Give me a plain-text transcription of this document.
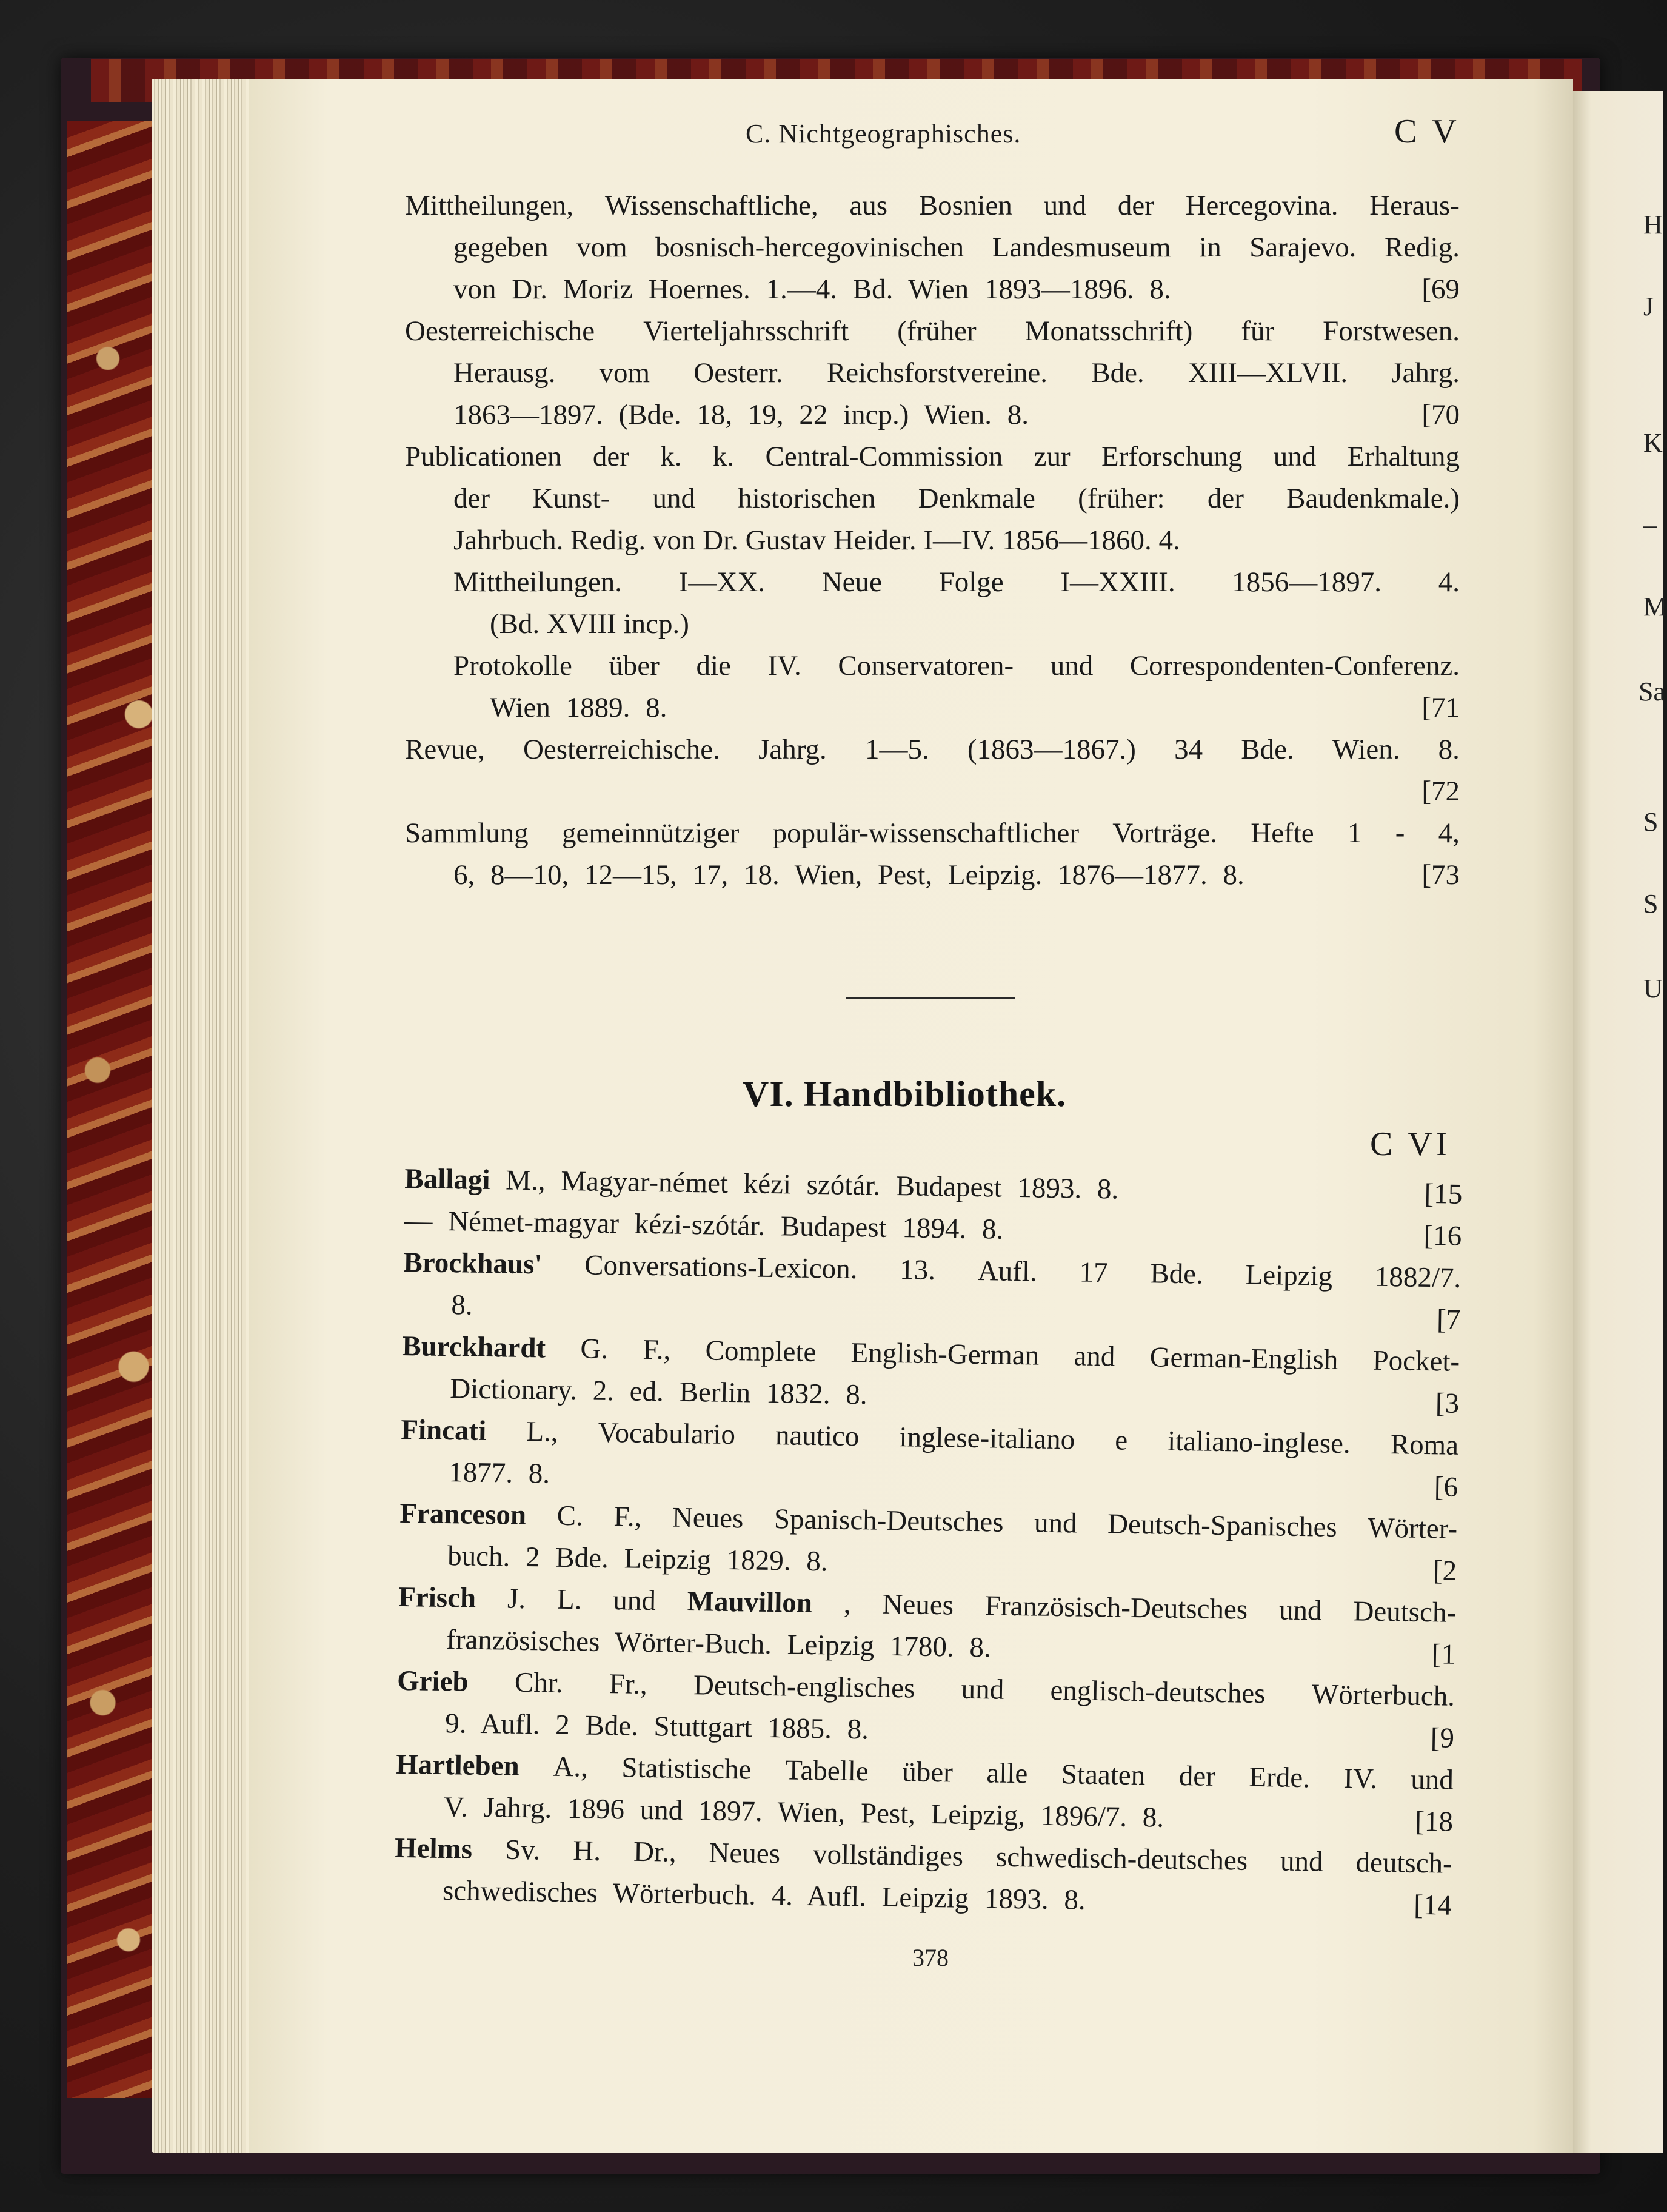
H
J
K
–
M
Sa
S
S
U
C. Nichtgeographisches.	C V
Mittheilungen, Wissenschaftliche, aus Bosnien und der Hercegovina. Heraus-
gegeben vom bosnisch-hercegovinischen Landesmuseum in Sarajevo. Redig.
von Dr. Moriz Hoernes. 1.—4. Bd. Wien 1893—1896. 8.	[69
Oesterreichische Vierteljahrsschrift (früher Monatsschrift) für Forstwesen.
Herausg. vom Oesterr. Reichsforstvereine. Bde. XIII—XLVII. Jahrg.
1863—1897. (Bde. 18, 19, 22 incp.) Wien. 8.	[70
Publicationen der k. k. Central-Commission zur Erforschung und Erhaltung
der Kunst- und historischen Denkmale (früher: der Baudenkmale.)
Jahrbuch. Redig. von Dr. Gustav Heider. I—IV. 1856—1860. 4.
Mittheilungen. I—XX. Neue Folge I—XXIII. 1856—1897. 4.
(Bd. XVIII incp.)
Protokolle über die IV. Conservatoren- und Correspondenten-Conferenz.
Wien 1889. 8.	[71
Revue, Oesterreichische. Jahrg. 1—5. (1863—1867.) 34 Bde. Wien. 8.
[72
Sammlung gemeinnütziger populär-wissenschaftlicher Vorträge. Hefte 1 - 4,
6, 8—10, 12—15, 17, 18. Wien, Pest, Leipzig. 1876—1877. 8.	[73
VI. Handbibliothek.
C VI
Ballagi M., Magyar-német kézi szótár. Budapest 1893. 8.	[15
— Német-magyar kézi-szótár. Budapest 1894. 8.	[16
Brockhaus' Conversations-Lexicon. 13. Aufl. 17 Bde. Leipzig 1882/7.
8.	[7
Burckhardt G. F., Complete English-German and German-English Pocket-
Dictionary. 2. ed. Berlin 1832. 8.	[3
Fincati L., Vocabulario nautico inglese-italiano e italiano-inglese. Roma
1877. 8.	[6
Franceson C. F., Neues Spanisch-Deutsches und Deutsch-Spanisches Wörter-
buch. 2 Bde. Leipzig 1829. 8.	[2
Frisch J. L. und Mauvillon , Neues Französisch-Deutsches und Deutsch-
französisches Wörter-Buch. Leipzig 1780. 8.	[1
Grieb Chr. Fr., Deutsch-englisches und englisch-deutsches Wörterbuch.
9. Aufl. 2 Bde. Stuttgart 1885. 8.	[9
Hartleben A., Statistische Tabelle über alle Staaten der Erde. IV. und
V. Jahrg. 1896 und 1897. Wien, Pest, Leipzig, 1896/7. 8.	[18
Helms Sv. H. Dr., Neues vollständiges schwedisch-deutsches und deutsch-
schwedisches Wörterbuch. 4. Aufl. Leipzig 1893. 8.	[14
378
